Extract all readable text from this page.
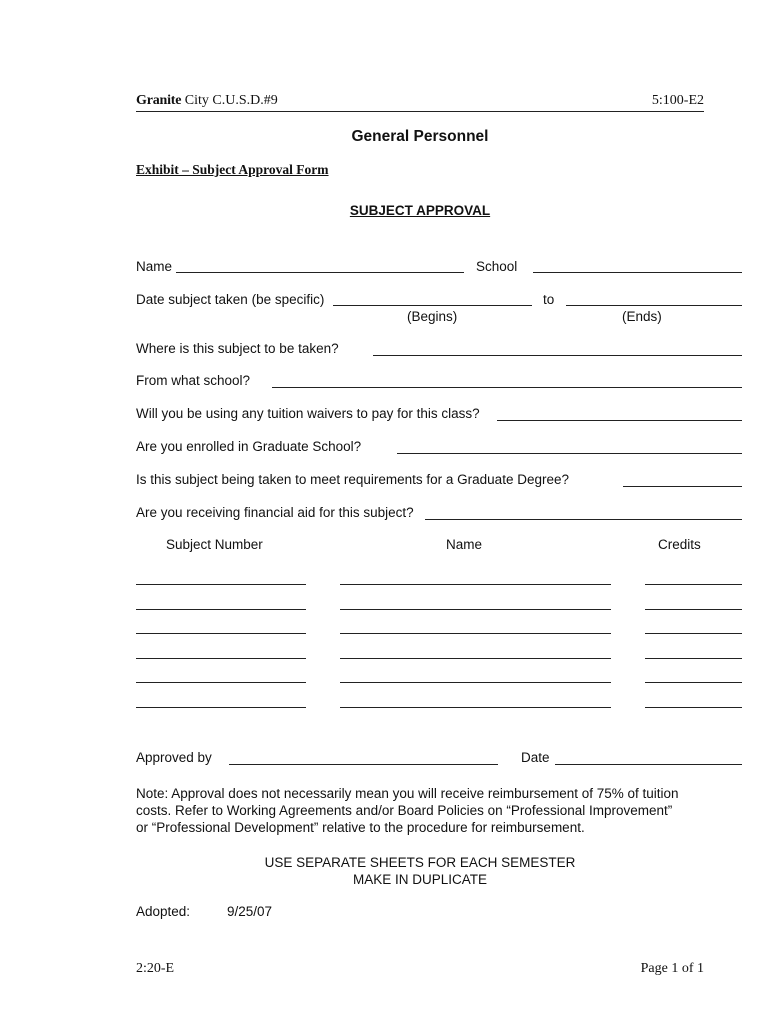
Granite City C.U.S.D.#9	5:100-E2
General Personnel
Exhibit – Subject Approval Form
SUBJECT APPROVAL
Name	School
Date subject taken (be specific)	to
(Begins)	(Ends)
Where is this subject to be taken?
From what school?
Will you be using any tuition waivers to pay for this class?
Are you enrolled in Graduate School?
Is this subject being taken to meet requirements for a Graduate Degree?
Are you receiving financial aid for this subject?
Subject Number	Name	Credits
Approved by	Date
Note: Approval does not necessarily mean you will receive reimbursement of 75% of tuition
costs. Refer to Working Agreements and/or Board Policies on “Professional Improvement”
or “Professional Development” relative to the procedure for reimbursement.
USE SEPARATE SHEETS FOR EACH SEMESTER
MAKE IN DUPLICATE
Adopted:	9/25/07
2:20-E	Page 1 of 1
